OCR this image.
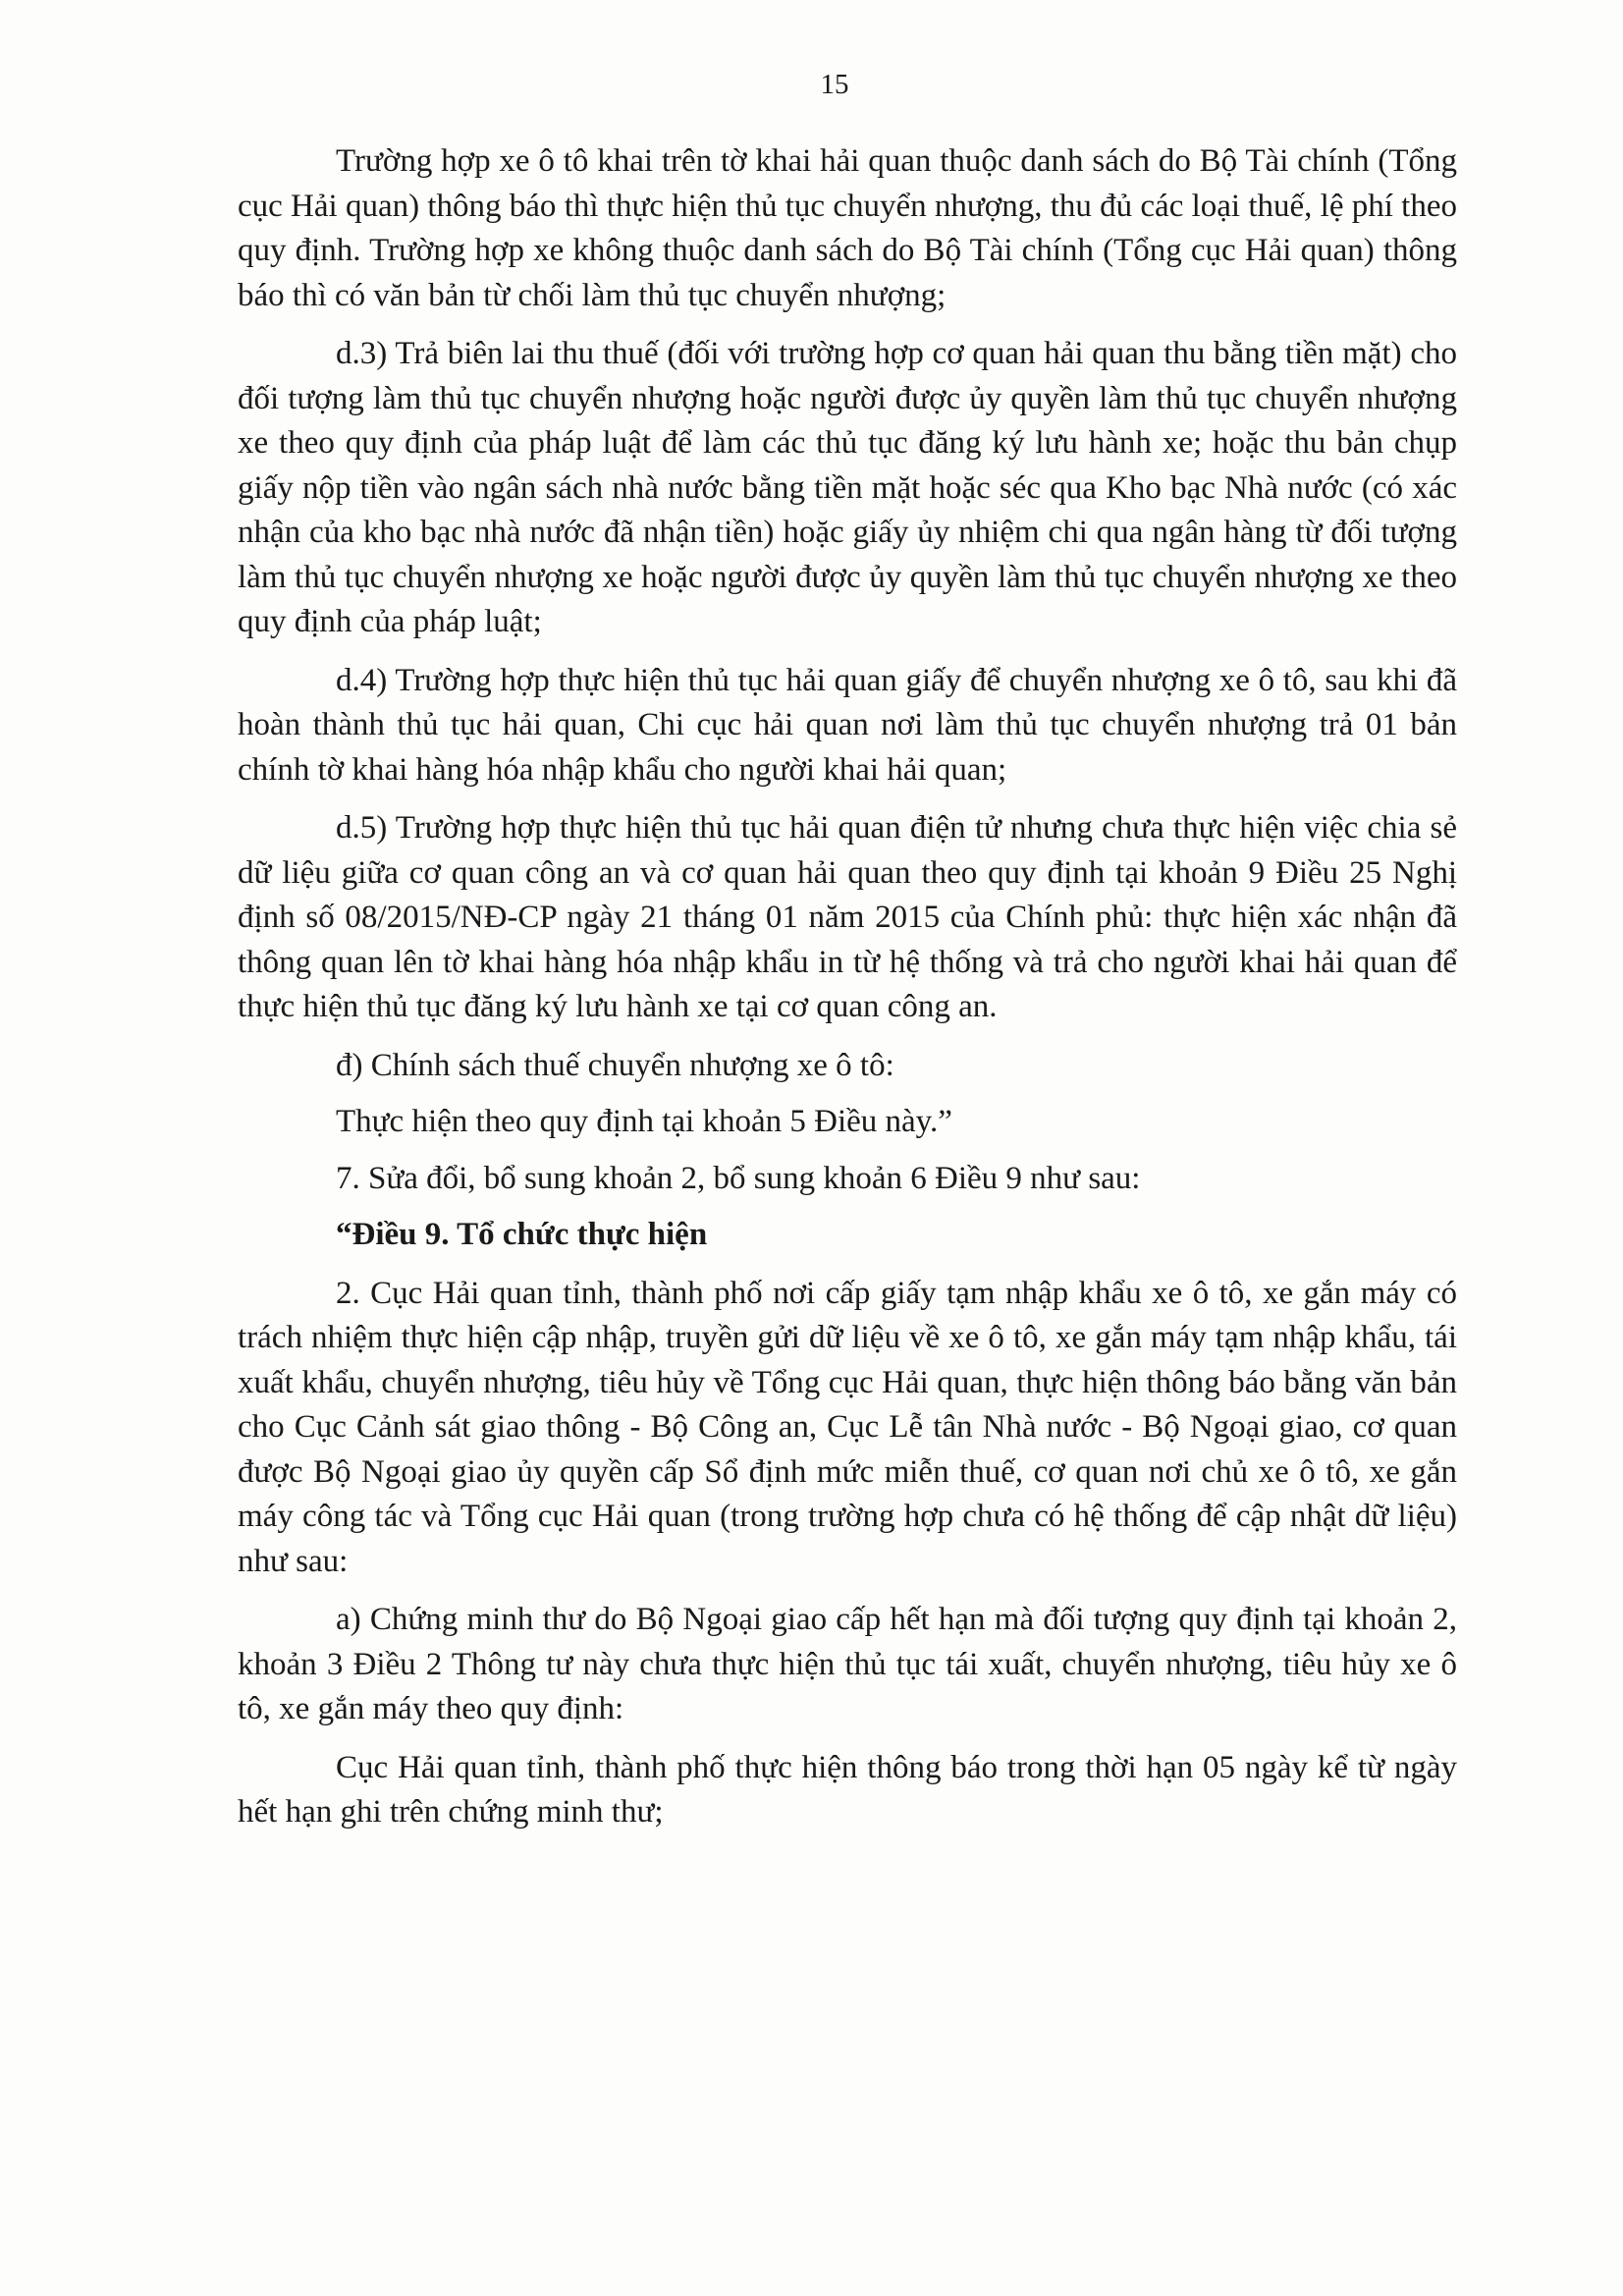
15

Trường hợp xe ô tô khai trên tờ khai hải quan thuộc danh sách do Bộ Tài chính (Tổng cục Hải quan) thông báo thì thực hiện thủ tục chuyển nhượng, thu đủ các loại thuế, lệ phí theo quy định. Trường hợp xe không thuộc danh sách do Bộ Tài chính (Tổng cục Hải quan) thông báo thì có văn bản từ chối làm thủ tục chuyển nhượng;

d.3) Trả biên lai thu thuế (đối với trường hợp cơ quan hải quan thu bằng tiền mặt) cho đối tượng làm thủ tục chuyển nhượng hoặc người được ủy quyền làm thủ tục chuyển nhượng xe theo quy định của pháp luật để làm các thủ tục đăng ký lưu hành xe; hoặc thu bản chụp giấy nộp tiền vào ngân sách nhà nước bằng tiền mặt hoặc séc qua Kho bạc Nhà nước (có xác nhận của kho bạc nhà nước đã nhận tiền) hoặc giấy ủy nhiệm chi qua ngân hàng từ đối tượng làm thủ tục chuyển nhượng xe hoặc người được ủy quyền làm thủ tục chuyển nhượng xe theo quy định của pháp luật;

d.4) Trường hợp thực hiện thủ tục hải quan giấy để chuyển nhượng xe ô tô, sau khi đã hoàn thành thủ tục hải quan, Chi cục hải quan nơi làm thủ tục chuyển nhượng trả 01 bản chính tờ khai hàng hóa nhập khẩu cho người khai hải quan;

d.5) Trường hợp thực hiện thủ tục hải quan điện tử nhưng chưa thực hiện việc chia sẻ dữ liệu giữa cơ quan công an và cơ quan hải quan theo quy định tại khoản 9 Điều 25 Nghị định số 08/2015/NĐ-CP ngày 21 tháng 01 năm 2015 của Chính phủ: thực hiện xác nhận đã thông quan lên tờ khai hàng hóa nhập khẩu in từ hệ thống và trả cho người khai hải quan để thực hiện thủ tục đăng ký lưu hành xe tại cơ quan công an.

đ) Chính sách thuế chuyển nhượng xe ô tô:

Thực hiện theo quy định tại khoản 5 Điều này.”

7. Sửa đổi, bổ sung khoản 2, bổ sung khoản 6 Điều 9 như sau:

“Điều 9. Tổ chức thực hiện

2. Cục Hải quan tỉnh, thành phố nơi cấp giấy tạm nhập khẩu xe ô tô, xe gắn máy có trách nhiệm thực hiện cập nhập, truyền gửi dữ liệu về xe ô tô, xe gắn máy tạm nhập khẩu, tái xuất khẩu, chuyển nhượng, tiêu hủy về Tổng cục Hải quan, thực hiện thông báo bằng văn bản cho Cục Cảnh sát giao thông - Bộ Công an, Cục Lễ tân Nhà nước - Bộ Ngoại giao, cơ quan được Bộ Ngoại giao ủy quyền cấp Sổ định mức miễn thuế, cơ quan nơi chủ xe ô tô, xe gắn máy công tác và Tổng cục Hải quan (trong trường hợp chưa có hệ thống để cập nhật dữ liệu) như sau:

a) Chứng minh thư do Bộ Ngoại giao cấp hết hạn mà đối tượng quy định tại khoản 2, khoản 3 Điều 2 Thông tư này chưa thực hiện thủ tục tái xuất, chuyển nhượng, tiêu hủy xe ô tô, xe gắn máy theo quy định:

Cục Hải quan tỉnh, thành phố thực hiện thông báo trong thời hạn 05 ngày kể từ ngày hết hạn ghi trên chứng minh thư;
